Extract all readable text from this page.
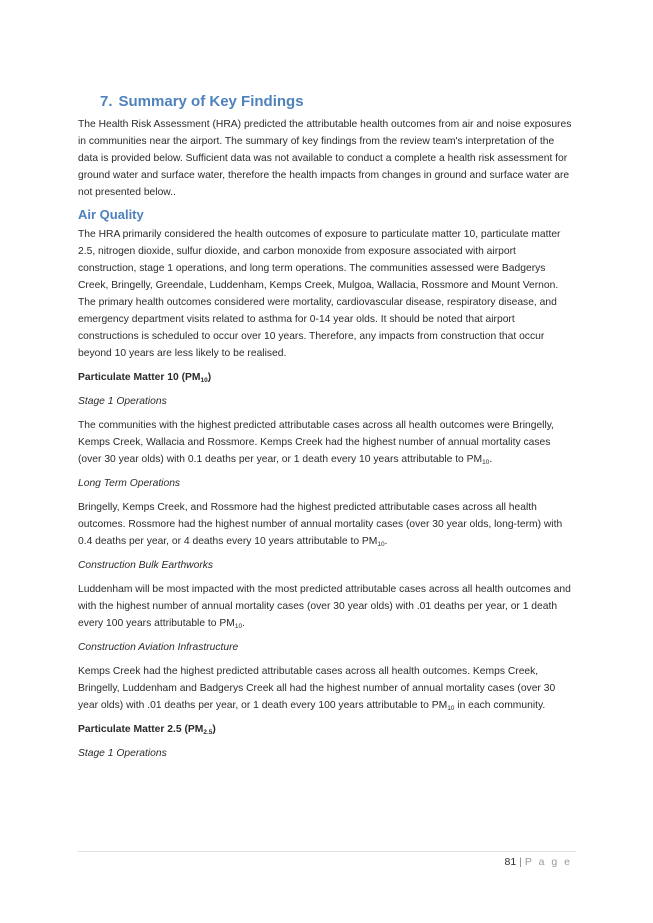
7. Summary of Key Findings

The Health Risk Assessment (HRA) predicted the attributable health outcomes from air and noise exposures in communities near the airport. The summary of key findings from the review team's interpretation of the data is provided below. Sufficient data was not available to conduct a complete a health risk assessment for ground water and surface water, therefore the health impacts from changes in ground and surface water are not presented below..

Air Quality

The HRA primarily considered the health outcomes of exposure to particulate matter 10, particulate matter 2.5, nitrogen dioxide, sulfur dioxide, and carbon monoxide from exposure associated with airport construction, stage 1 operations, and long term operations. The communities assessed were Badgerys Creek, Bringelly, Greendale, Luddenham, Kemps Creek, Mulgoa, Wallacia, Rossmore and Mount Vernon. The primary health outcomes considered were mortality, cardiovascular disease, respiratory disease, and emergency department visits related to asthma for 0-14 year olds. It should be noted that airport constructions is scheduled to occur over 10 years. Therefore, any impacts from construction that occur beyond 10 years are less likely to be realised.

Particulate Matter 10 $(PM_{10})$

Stage 1 Operations

The communities with the highest predicted attributable cases across all health outcomes were Bringelly, Kemps Creek, Wallacia and Rossmore. Kemps Creek had the highest number of annual mortality cases (over 30 year olds) with 0.1 deaths per year, or 1 death every 10 years attributable to $PM_{10}$.

Long Term Operations

Bringelly, Kemps Creek, and Rossmore had the highest predicted attributable cases across all health outcomes. Rossmore had the highest number of annual mortality cases (over 30 year olds, long-term) with 0.4 deaths per year, or 4 deaths every 10 years attributable to $PM_{10}$.

Construction Bulk Earthworks

Luddenham will be most impacted with the most predicted attributable cases across all health outcomes and with the highest number of annual mortality cases (over 30 year olds) with .01 deaths per year, or 1 death every 100 years attributable to $PM_{10}$.

Construction Aviation Infrastructure

Kemps Creek had the highest predicted attributable cases across all health outcomes. Kemps Creek, Bringelly, Luddenham and Badgerys Creek all had the highest number of annual mortality cases (over 30 year olds) with .01 deaths per year, or 1 death every 100 years attributable to $PM_{10}$ in each community.

Particulate Matter 2.5 $(PM_{2.5})$

Stage 1 Operations

81 | P a g e
